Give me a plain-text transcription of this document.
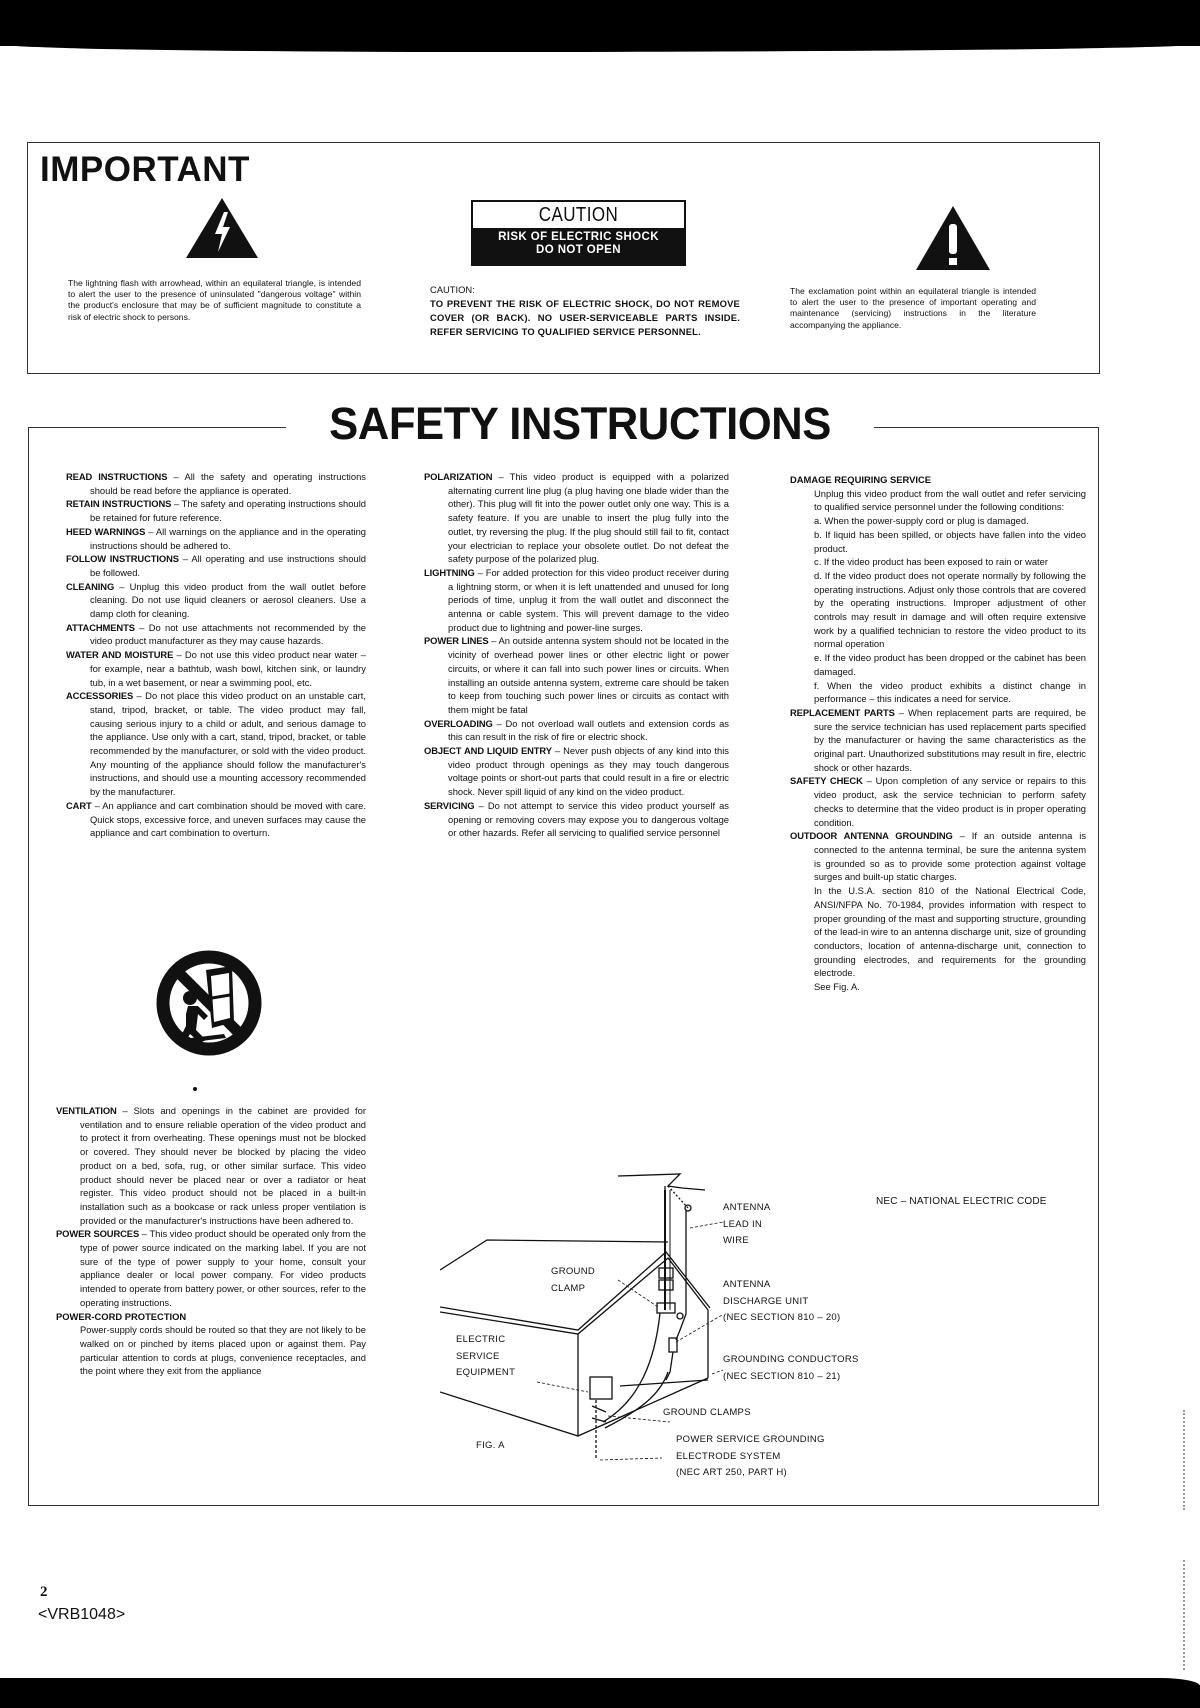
IMPORTANT

The lightning flash with arrowhead, within an equilateral triangle, is intended to alert the user to the presence of uninsulated "dangerous voltage" within the product's enclosure that may be of sufficient magnitude to constitute a risk of electric shock to persons.

CAUTION
RISK OF ELECTRIC SHOCK
DO NOT OPEN

CAUTION:
TO PREVENT THE RISK OF ELECTRIC SHOCK, DO NOT REMOVE COVER (OR BACK). NO USER-SERVICEABLE PARTS INSIDE. REFER SERVICING TO QUALIFIED SERVICE PERSONNEL.

The exclamation point within an equilateral triangle is intended to alert the user to the presence of important operating and maintenance (servicing) instructions in the literature accompanying the appliance.

SAFETY INSTRUCTIONS

READ INSTRUCTIONS – All the safety and operating instructions should be read before the appliance is operated.

RETAIN INSTRUCTIONS – The safety and operating instructions should be retained for future reference.

HEED WARNINGS – All warnings on the appliance and in the operating instructions should be adhered to.

FOLLOW INSTRUCTIONS – All operating and use instructions should be followed.

CLEANING – Unplug this video product from the wall outlet before cleaning. Do not use liquid cleaners or aerosol cleaners. Use a damp cloth for cleaning.

ATTACHMENTS – Do not use attachments not recommended by the video product manufacturer as they may cause hazards.

WATER AND MOISTURE – Do not use this video product near water – for example, near a bathtub, wash bowl, kitchen sink, or laundry tub, in a wet basement, or near a swimming pool, etc.

ACCESSORIES – Do not place this video product on an unstable cart, stand, tripod, bracket, or table. The video product may fall, causing serious injury to a child or adult, and serious damage to the appliance. Use only with a cart, stand, tripod, bracket, or table recommended by the manufacturer, or sold with the video product. Any mounting of the appliance should follow the manufacturer's instructions, and should use a mounting accessory recommended by the manufacturer.

CART – An appliance and cart combination should be moved with care. Quick stops, excessive force, and uneven surfaces may cause the appliance and cart combination to overturn.

VENTILATION – Slots and openings in the cabinet are provided for ventilation and to ensure reliable operation of the video product and to protect it from overheating. These openings must not be blocked or covered. They should never be blocked by placing the video product on a bed, sofa, rug, or other similar surface. This video product should never be placed near or over a radiator or heat register. This video product should not be placed in a built-in installation such as a bookcase or rack unless proper ventilation is provided or the manufacturer's instructions have been adhered to.

POWER SOURCES – This video product should be operated only from the type of power source indicated on the marking label. If you are not sure of the type of power supply to your home, consult your appliance dealer or local power company. For video products intended to operate from battery power, or other sources, refer to the operating instructions.

POWER-CORD PROTECTION

Power-supply cords should be routed so that they are not likely to be walked on or pinched by items placed upon or against them. Pay particular attention to cords at plugs, convenience receptacles, and the point where they exit from the appliance

POLARIZATION – This video product is equipped with a polarized alternating current line plug (a plug having one blade wider than the other). This plug will fit into the power outlet only one way. This is a safety feature. If you are unable to insert the plug fully into the outlet, try reversing the plug. If the plug should still fail to fit, contact your electrician to replace your obsolete outlet. Do not defeat the safety purpose of the polarized plug.

LIGHTNING – For added protection for this video product receiver during a lightning storm, or when it is left unattended and unused for long periods of time, unplug it from the wall outlet and disconnect the antenna or cable system. This will prevent damage to the video product due to lightning and power-line surges.

POWER LINES – An outside antenna system should not be located in the vicinity of overhead power lines or other electric light or power circuits, or where it can fall into such power lines or circuits. When installing an outside antenna system, extreme care should be taken to keep from touching such power lines or circuits as contact with them might be fatal

OVERLOADING – Do not overload wall outlets and extension cords as this can result in the risk of fire or electric shock.

OBJECT AND LIQUID ENTRY – Never push objects of any kind into this video product through openings as they may touch dangerous voltage points or short-out parts that could result in a fire or electric shock. Never spill liquid of any kind on the video product.

SERVICING – Do not attempt to service this video product yourself as opening or removing covers may expose you to dangerous voltage or other hazards. Refer all servicing to qualified service personnel

DAMAGE REQUIRING SERVICE

Unplug this video product from the wall outlet and refer servicing to qualified service personnel under the following conditions:

a. When the power-supply cord or plug is damaged.

b. If liquid has been spilled, or objects have fallen into the video product.

c. If the video product has been exposed to rain or water

d. If the video product does not operate normally by following the operating instructions. Adjust only those controls that are covered by the operating instructions. Improper adjustment of other controls may result in damage and will often require extensive work by a qualified technician to restore the video product to its normal operation

e. If the video product has been dropped or the cabinet has been damaged.

f. When the video product exhibits a distinct change in performance – this indicates a need for service.

REPLACEMENT PARTS – When replacement parts are required, be sure the service technician has used replacement parts specified by the manufacturer or having the same characteristics as the original part. Unauthorized substitutions may result in fire, electric shock or other hazards.

SAFETY CHECK – Upon completion of any service or repairs to this video product, ask the service technician to perform safety checks to determine that the video product is in proper operating condition.

OUTDOOR ANTENNA GROUNDING – If an outside antenna is connected to the antenna terminal, be sure the antenna system is grounded so as to provide some protection against voltage surges and built-up static charges.

In the U.S.A. section 810 of the National Electrical Code, ANSI/NFPA No. 70-1984, provides information with respect to proper grounding of the mast and supporting structure, grounding of the lead-in wire to an antenna discharge unit, size of grounding conductors, location of antenna-discharge unit, connection to grounding electrodes, and requirements for the grounding electrode.

See Fig. A.

NEC – NATIONAL ELECTRIC CODE

ANTENNA
LEAD IN
WIRE

GROUND
CLAMP	ANTENNA
DISCHARGE UNIT
(NEC SECTION 810 – 20)

ELECTRIC
SERVICE
EQUIPMENT

GROUNDING CONDUCTORS
(NEC SECTION 810 – 21)

GROUND CLAMPS

POWER SERVICE GROUNDING
ELECTRODE SYSTEM
(NEC ART 250, PART H)

FIG. A

2

<VRB1048>
